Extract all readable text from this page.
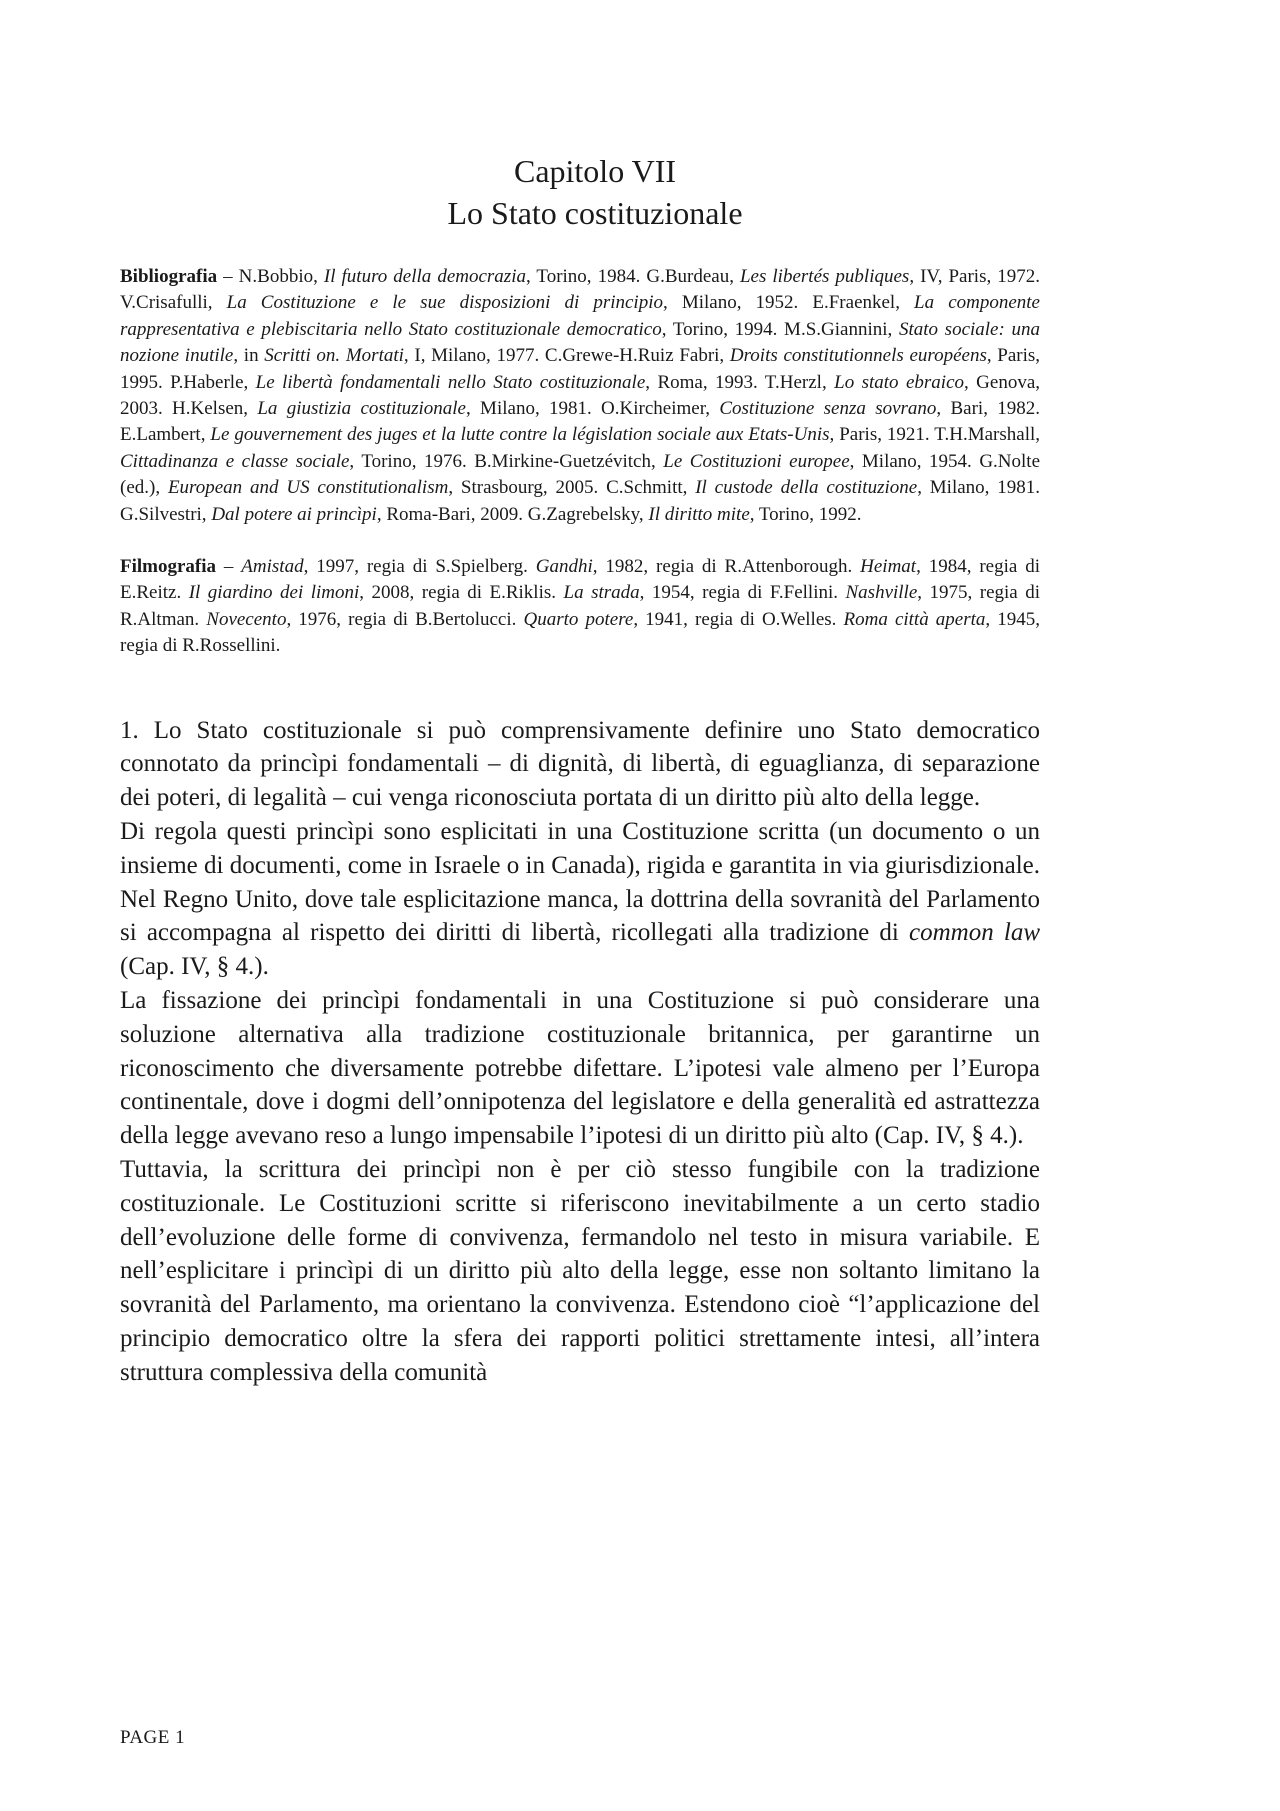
Capitolo VII
Lo Stato costituzionale

Bibliografia – N.Bobbio, Il futuro della democrazia, Torino, 1984. G.Burdeau, Les libertés publiques, IV, Paris, 1972. V.Crisafulli, La Costituzione e le sue disposizioni di principio, Milano, 1952. E.Fraenkel, La componente rappresentativa e plebiscitaria nello Stato costituzionale democratico, Torino, 1994. M.S.Giannini, Stato sociale: una nozione inutile, in Scritti on. Mortati, I, Milano, 1977. C.Grewe-H.Ruiz Fabri, Droits constitutionnels européens, Paris, 1995. P.Haberle, Le libertà fondamentali nello Stato costituzionale, Roma, 1993. T.Herzl, Lo stato ebraico, Genova, 2003. H.Kelsen, La giustizia costituzionale, Milano, 1981. O.Kircheimer, Costituzione senza sovrano, Bari, 1982. E.Lambert, Le gouvernement des juges et la lutte contre la législation sociale aux Etats-Unis, Paris, 1921. T.H.Marshall, Cittadinanza e classe sociale, Torino, 1976. B.Mirkine-Guetzévitch, Le Costituzioni europee, Milano, 1954. G.Nolte (ed.), European and US constitutionalism, Strasbourg, 2005. C.Schmitt, Il custode della costituzione, Milano, 1981. G.Silvestri, Dal potere ai princìpi, Roma-Bari, 2009. G.Zagrebelsky, Il diritto mite, Torino, 1992.

Filmografia – Amistad, 1997, regia di S.Spielberg. Gandhi, 1982, regia di R.Attenborough. Heimat, 1984, regia di E.Reitz. Il giardino dei limoni, 2008, regia di E.Riklis. La strada, 1954, regia di F.Fellini. Nashville, 1975, regia di R.Altman. Novecento, 1976, regia di B.Bertolucci. Quarto potere, 1941, regia di O.Welles. Roma città aperta, 1945, regia di R.Rossellini.

1. Lo Stato costituzionale si può comprensivamente definire uno Stato democratico connotato da princìpi fondamentali – di dignità, di libertà, di eguaglianza, di separazione dei poteri, di legalità – cui venga riconosciuta portata di un diritto più alto della legge.

Di regola questi princìpi sono esplicitati in una Costituzione scritta (un documento o un insieme di documenti, come in Israele o in Canada), rigida e garantita in via giurisdizionale. Nel Regno Unito, dove tale esplicitazione manca, la dottrina della sovranità del Parlamento si accompagna al rispetto dei diritti di libertà, ricollegati alla tradizione di common law (Cap. IV, § 4.).

La fissazione dei princìpi fondamentali in una Costituzione si può considerare una soluzione alternativa alla tradizione costituzionale britannica, per garantirne un riconoscimento che diversamente potrebbe difettare. L’ipotesi vale almeno per l’Europa continentale, dove i dogmi dell’onnipotenza del legislatore e della generalità ed astrattezza della legge avevano reso a lungo impensabile l’ipotesi di un diritto più alto (Cap. IV, § 4.).

Tuttavia, la scrittura dei princìpi non è per ciò stesso fungibile con la tradizione costituzionale. Le Costituzioni scritte si riferiscono inevitabilmente a un certo stadio dell’evoluzione delle forme di convivenza, fermandolo nel testo in misura variabile. E nell’esplicitare i princìpi di un diritto più alto della legge, esse non soltanto limitano la sovranità del Parlamento, ma orientano la convivenza. Estendono cioè “l’applicazione del principio democratico oltre la sfera dei rapporti politici strettamente intesi, all’intera struttura complessiva della comunità

PAGE 1
